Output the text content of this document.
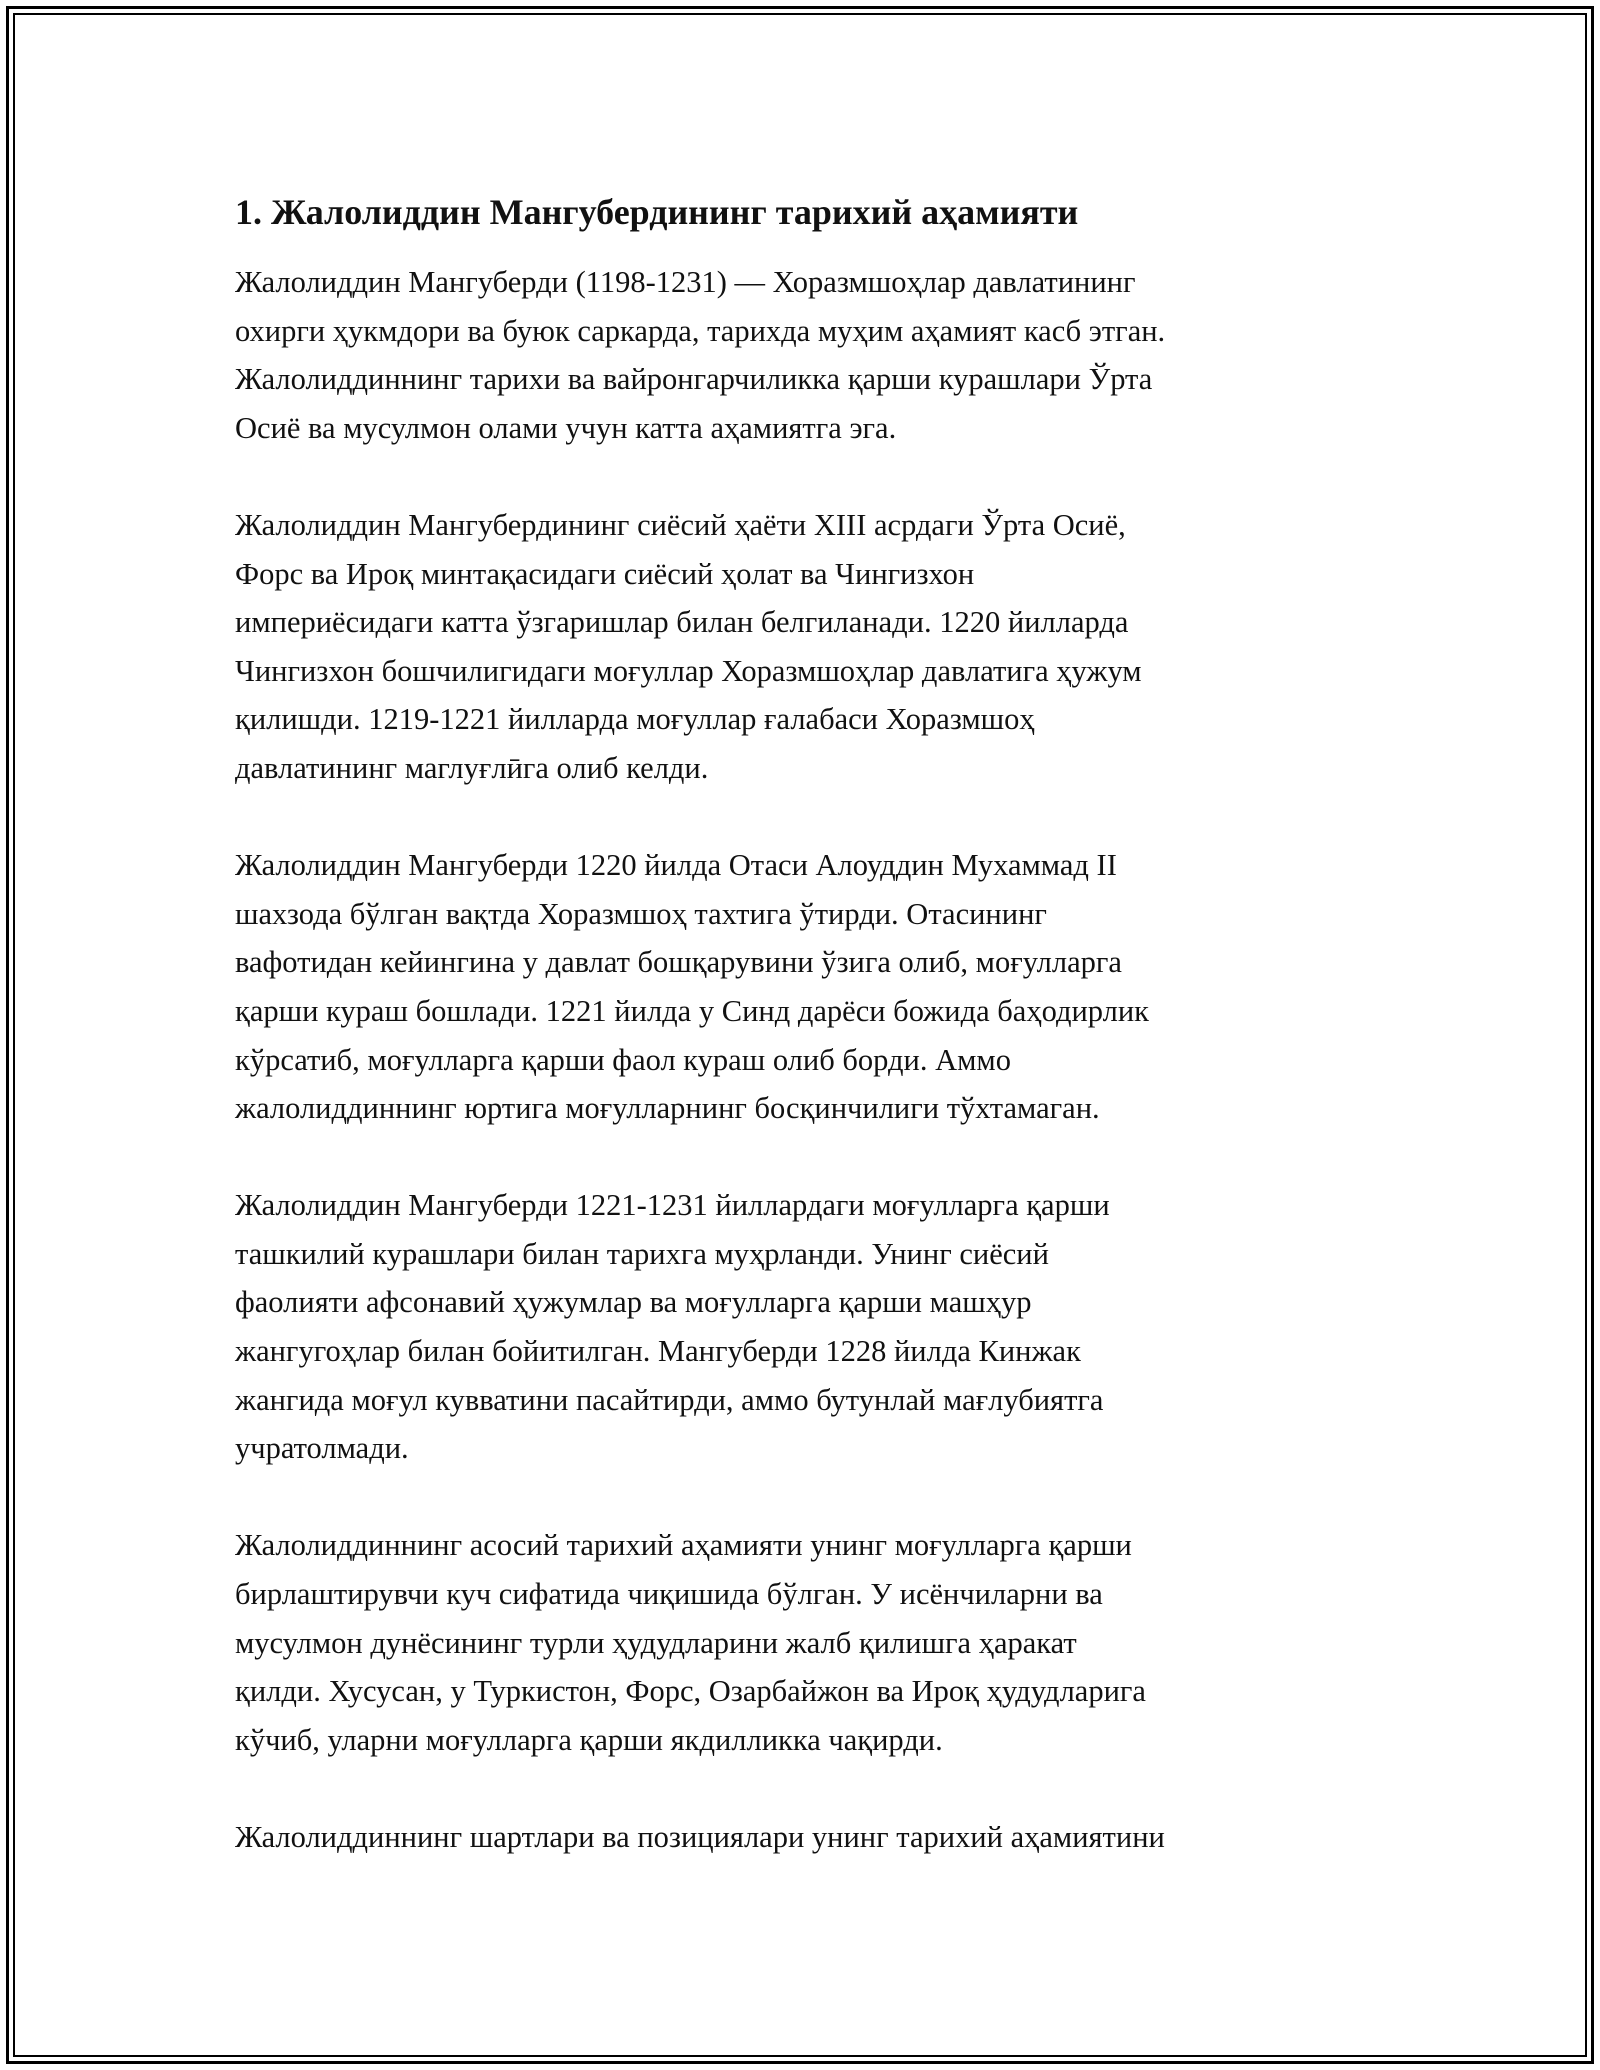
1. Жалолиддин Мангубердининг тарихий аҳамияти

Жалолиддин Мангуберди (1198-1231) — Хоразмшоҳлар давлатининг
охирги ҳукмдори ва буюк саркарда, тарихда муҳим аҳамият касб этган.
Жалолиддиннинг тарихи ва вайронгарчиликка қарши курашлари Ўрта
Осиё ва мусулмон олами учун катта аҳамиятга эга.

Жалолиддин Мангубердининг сиёсий ҳаёти XIII асрдаги Ўрта Осиё,
Форс ва Ироқ минтақасидаги сиёсий ҳолат ва Чингизхон
империёсидаги катта ўзгаришлар билан белгиланади. 1220 йилларда
Чингизхон бошчилигидаги моғуллар Хоразмшоҳлар давлатига ҳужум
қилишди. 1219-1221 йилларда моғуллар ғалабаси Хоразмшоҳ
давлатининг маглуғлӣга олиб келди.

Жалолиддин Мангуберди 1220 йилда Отаси Алоуддин Мухаммад II
шахзода бўлган вақтда Хоразмшоҳ тахтига ўтирди. Отасининг
вафотидан кейингина у давлат бошқарувини ўзига олиб, моғулларга
қарши кураш бошлади. 1221 йилда у Синд дарёси божида баҳодирлик
кўрсатиб, моғулларга қарши фаол кураш олиб борди. Аммо
жалолиддиннинг юртига моғулларнинг босқинчилиги тўхтамаган.

Жалолиддин Мангуберди 1221-1231 йиллардаги моғулларга қарши
ташкилий курашлари билан тарихга муҳрланди. Унинг сиёсий
фаолияти афсонавий ҳужумлар ва моғулларга қарши машҳур
жангугоҳлар билан бойитилган. Мангуберди 1228 йилда Кинжак
жангида моғул кувватини пасайтирди, аммо бутунлай мағлубиятга
учратолмади.

Жалолиддиннинг асосий тарихий аҳамияти унинг моғулларга қарши
бирлаштирувчи куч сифатида чиқишида бўлган. У исёнчиларни ва
мусулмон дунёсининг турли ҳудудларини жалб қилишга ҳаракат
қилди. Хусусан, у Туркистон, Форс, Озарбайжон ва Ироқ ҳудудларига
кўчиб, уларни моғулларга қарши якдилликка чақирди.

Жалолиддиннинг шартлари ва позициялари унинг тарихий аҳамиятини
